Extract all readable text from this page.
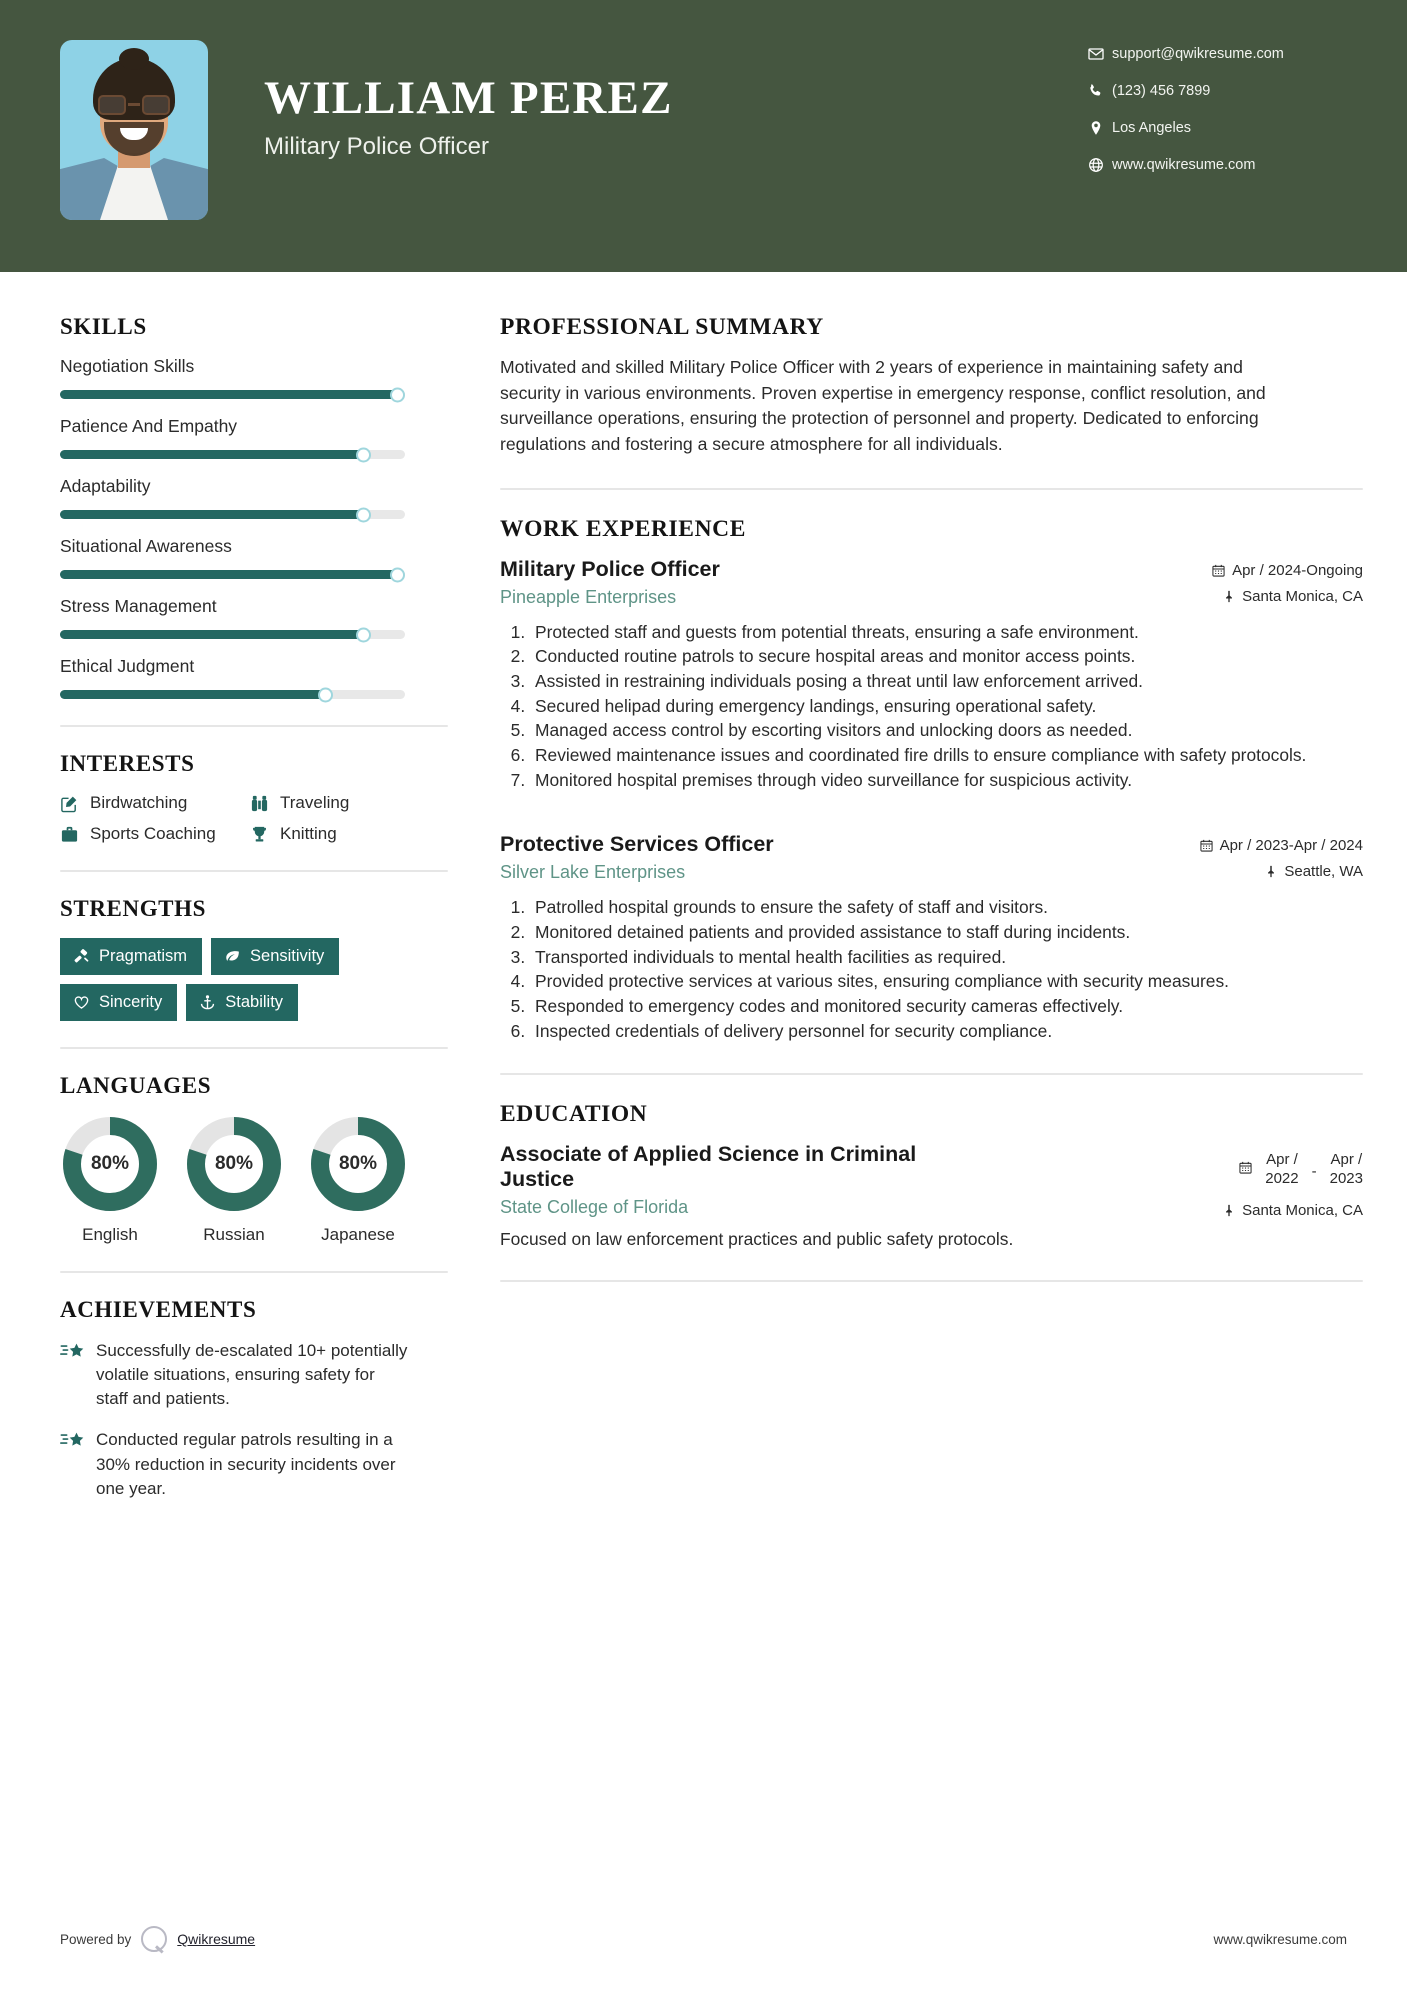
WILLIAM PEREZ
Military Police Officer
support@qwikresume.com
(123) 456 7899
Los Angeles
www.qwikresume.com
SKILLS
Negotiation Skills
Patience And Empathy
Adaptability
Situational Awareness
Stress Management
Ethical Judgment
INTERESTS
Birdwatching	Traveling
Sports Coaching	Knitting
STRENGTHS
Pragmatism	Sensitivity
Sincerity	Stability
LANGUAGES
80%
English
80%
Russian
80%
Japanese
ACHIEVEMENTS
Successfully de-escalated 10+ potentially volatile situations, ensuring safety for staff and patients.
Conducted regular patrols resulting in a 30% reduction in security incidents over one year.
PROFESSIONAL SUMMARY
Motivated and skilled Military Police Officer with 2 years of experience in maintaining safety and security in various environments. Proven expertise in emergency response, conflict resolution, and surveillance operations, ensuring the protection of personnel and property. Dedicated to enforcing regulations and fostering a secure atmosphere for all individuals.
WORK EXPERIENCE
Military Police Officer
Pineapple Enterprises
Apr / 2024-Ongoing
Santa Monica, CA
1. Protected staff and guests from potential threats, ensuring a safe environment.
2. Conducted routine patrols to secure hospital areas and monitor access points.
3. Assisted in restraining individuals posing a threat until law enforcement arrived.
4. Secured helipad during emergency landings, ensuring operational safety.
5. Managed access control by escorting visitors and unlocking doors as needed.
6. Reviewed maintenance issues and coordinated fire drills to ensure compliance with safety protocols.
7. Monitored hospital premises through video surveillance for suspicious activity.
Protective Services Officer
Silver Lake Enterprises
Apr / 2023-Apr / 2024
Seattle, WA
1. Patrolled hospital grounds to ensure the safety of staff and visitors.
2. Monitored detained patients and provided assistance to staff during incidents.
3. Transported individuals to mental health facilities as required.
4. Provided protective services at various sites, ensuring compliance with security measures.
5. Responded to emergency codes and monitored security cameras effectively.
6. Inspected credentials of delivery personnel for security compliance.
EDUCATION
Associate of Applied Science in Criminal Justice
State College of Florida
Apr /
2022 -
Apr /
2023
Santa Monica, CA
Focused on law enforcement practices and public safety protocols.
Powered by	Qwikresume	www.qwikresume.com
